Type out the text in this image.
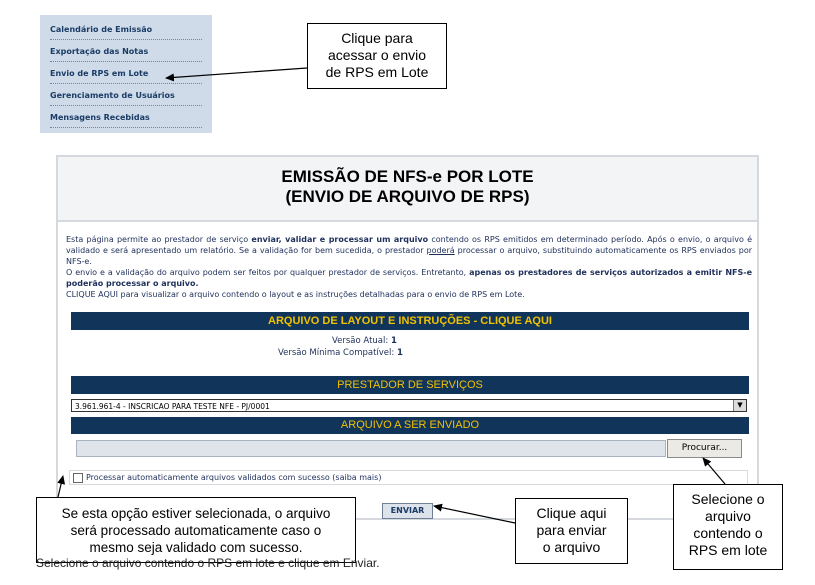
Calendário de Emissão
Exportação das Notas
Envio de RPS em Lote
Gerenciamento de Usuários
Mensagens Recebidas
Clique para
acessar o envio
de RPS em Lote
EMISSÃO DE NFS-e POR LOTE
(ENVIO DE ARQUIVO DE RPS)

Esta página permite ao prestador de serviço enviar, validar e processar um arquivo contendo os RPS emitidos em determinado período. Após o envio, o arquivo é validado e será apresentado um relatório. Se a validação for bem sucedida, o prestador poderá processar o arquivo, substituindo automaticamente os RPS enviados por NFS-e.

O envio e a validação do arquivo podem ser feitos por qualquer prestador de serviços. Entretanto, apenas os prestadores de serviços autorizados a emitir NFS-e poderão processar o arquivo.

CLIQUE AQUI para visualizar o arquivo contendo o layout e as instruções detalhadas para o envio de RPS em Lote.

ARQUIVO DE LAYOUT E INSTRUÇÕES - CLIQUE AQUI
Versão Atual: 1
Versão Mínima Compatível: 1
PRESTADOR DE SERVIÇOS
3.961.961-4 - INSCRICAO PARA TESTE NFE - PJ/0001	▼
ARQUIVO A SER ENVIADO
Procurar...
Processar automaticamente arquivos validados com sucesso (saiba mais)
ENVIAR
Se esta opção estiver selecionada, o arquivo
será processado automaticamente caso o
mesmo seja validado com sucesso.
Selecione o arquivo contendo o RPS em lote e clique em Enviar.
Clique aqui
para enviar
o arquivo
Selecione o
arquivo
contendo o
RPS em lote
